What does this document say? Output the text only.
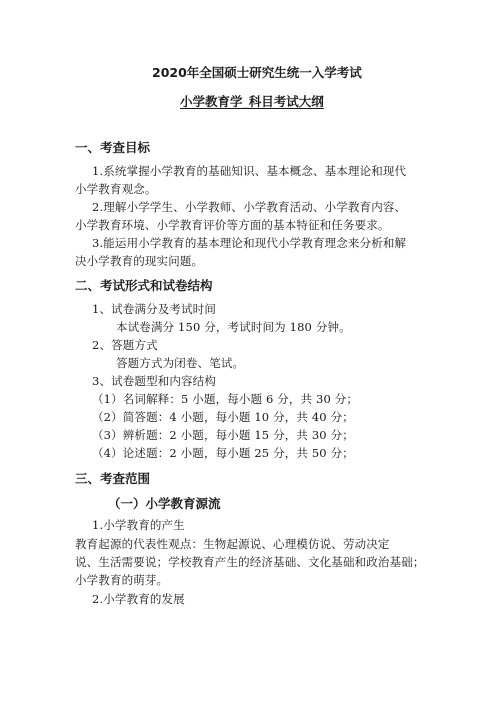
2020年全国硕士研究生统一入学考试
小学教育学_科目考试大纲
一、考查目标
1.系统掌握小学教育的基础知识、基本概念、基本理论和现代
小学教育观念。
2.理解小学学生、小学教师、小学教育活动、小学教育内容、
小学教育环境、小学教育评价等方面的基本特征和任务要求。
3.能运用小学教育的基本理论和现代小学教育理念来分析和解
决小学教育的现实问题。
二、考试形式和试卷结构
1、试卷满分及考试时间
本试卷满分 150 分，考试时间为 180 分钟。
2、答题方式
答题方式为闭卷、笔试。
3、试卷题型和内容结构
（1）名词解释：5 小题，每小题 6 分，共 30 分；
（2）简答题：4 小题，每小题 10 分，共 40 分；
（3）辨析题：2 小题，每小题 15 分，共 30 分；
（4）论述题：2 小题，每小题 25 分，共 50 分；
三、考查范围
（一）小学教育源流
1.小学教育的产生
教育起源的代表性观点：生物起源说、心理模仿说、劳动决定
说、生活需要说；学校教育产生的经济基础、文化基础和政治基础；
小学教育的萌芽。
2.小学教育的发展
